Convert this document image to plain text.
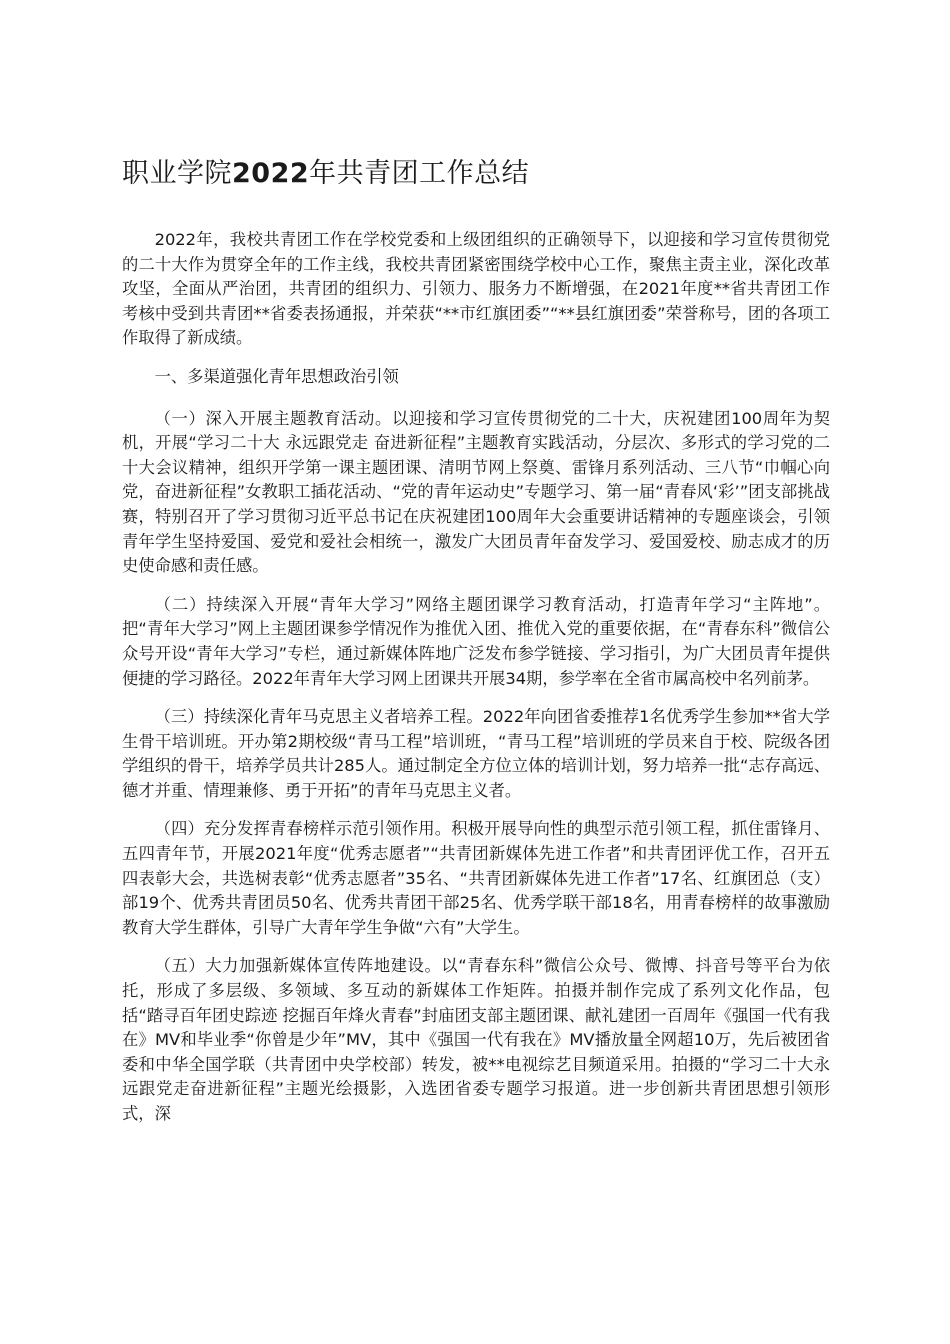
职业学院2022年共青团工作总结

2022年，我校共青团工作在学校党委和上级团组织的正确领导下，以迎接和学习宣传贯彻党的二十大作为贯穿全年的工作主线，我校共青团紧密围绕学校中心工作，聚焦主责主业，深化改革攻坚，全面从严治团，共青团的组织力、引领力、服务力不断增强，在2021年度**省共青团工作考核中受到共青团**省委表扬通报，并荣获“**市红旗团委”“**县红旗团委”荣誉称号，团的各项工作取得了新成绩。

一、多渠道强化青年思想政治引领

（一）深入开展主题教育活动。以迎接和学习宣传贯彻党的二十大，庆祝建团100周年为契机，开展“学习二十大 永远跟党走 奋进新征程”主题教育实践活动，分层次、多形式的学习党的二十大会议精神，组织开学第一课主题团课、清明节网上祭奠、雷锋月系列活动、三八节“巾帼心向党，奋进新征程”女教职工插花活动、“党的青年运动史”专题学习、第一届“青春风‘彩’”团支部挑战赛，特别召开了学习贯彻习近平总书记在庆祝建团100周年大会重要讲话精神的专题座谈会，引领青年学生坚持爱国、爱党和爱社会相统一，激发广大团员青年奋发学习、爱国爱校、励志成才的历史使命感和责任感。

（二）持续深入开展“青年大学习”网络主题团课学习教育活动，打造青年学习“主阵地”。把“青年大学习”网上主题团课参学情况作为推优入团、推优入党的重要依据，在“青春东科”微信公众号开设“青年大学习”专栏，通过新媒体阵地广泛发布参学链接、学习指引，为广大团员青年提供便捷的学习路径。2022年青年大学习网上团课共开展34期，参学率在全省市属高校中名列前茅。

（三）持续深化青年马克思主义者培养工程。2022年向团省委推荐1名优秀学生参加**省大学生骨干培训班。开办第2期校级“青马工程”培训班，“青马工程”培训班的学员来自于校、院级各团学组织的骨干，培养学员共计285人。通过制定全方位立体的培训计划，努力培养一批“志存高远、德才并重、情理兼修、勇于开拓”的青年马克思主义者。

（四）充分发挥青春榜样示范引领作用。积极开展导向性的典型示范引领工程，抓住雷锋月、五四青年节，开展2021年度“优秀志愿者”“共青团新媒体先进工作者”和共青团评优工作，召开五四表彰大会，共选树表彰“优秀志愿者”35名、“共青团新媒体先进工作者”17名、红旗团总（支）部19个、优秀共青团员50名、优秀共青团干部25名、优秀学联干部18名，用青春榜样的故事激励教育大学生群体，引导广大青年学生争做“六有”大学生。

（五）大力加强新媒体宣传阵地建设。以“青春东科”微信公众号、微博、抖音号等平台为依托，形成了多层级、多领域、多互动的新媒体工作矩阵。拍摄并制作完成了系列文化作品，包括“踏寻百年团史踪迹 挖掘百年烽火青春”封庙团支部主题团课、献礼建团一百周年《强国一代有我在》MV和毕业季“你曾是少年”MV，其中《强国一代有我在》MV播放量全网超10万，先后被团省委和中华全国学联（共青团中央学校部）转发，被**电视综艺目频道采用。拍摄的“学习二十大永远跟党走奋进新征程”主题光绘摄影，入选团省委专题学习报道。进一步创新共青团思想引领形式，深
